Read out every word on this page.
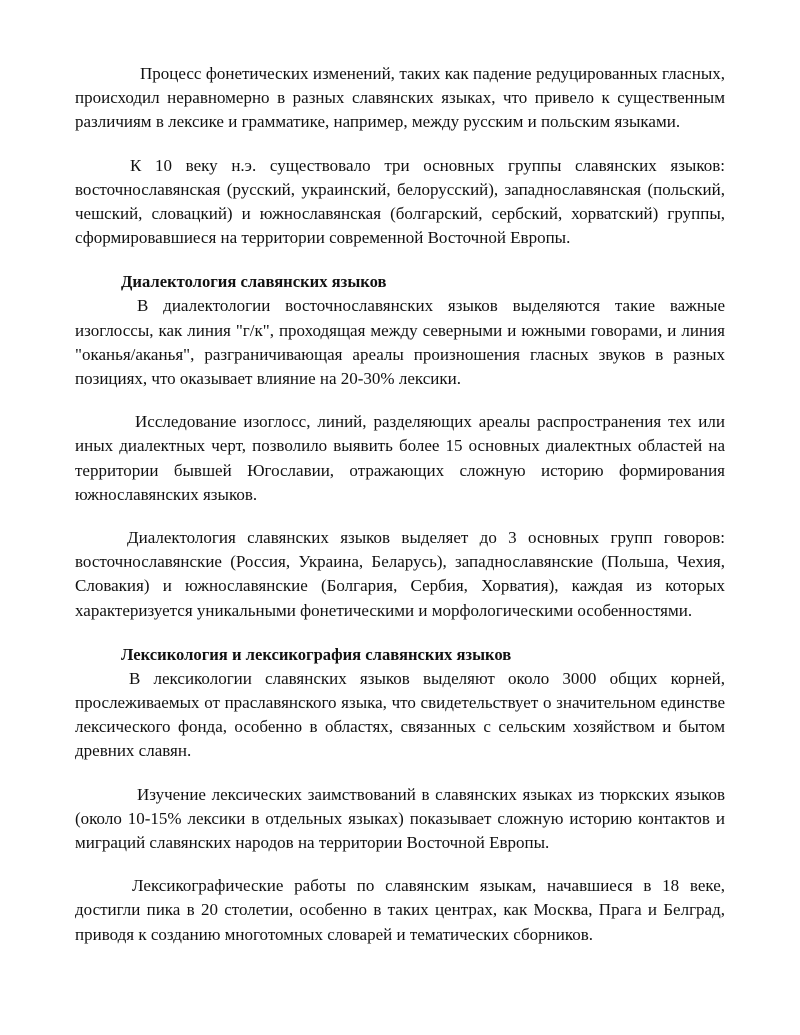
Процесс фонетических изменений, таких как падение редуцированных гласных, происходил неравномерно в разных славянских языках, что привело к существенным различиям в лексике и грамматике, например, между русским и польским языками.

К 10 веку н.э. существовало три основных группы славянских языков: восточнославянская (русский, украинский, белорусский), западнославянская (польский, чешский, словацкий) и южнославянская (болгарский, сербский, хорватский) группы, сформировавшиеся на территории современной Восточной Европы.

Диалектология славянских языков

В диалектологии восточнославянских языков выделяются такие важные изоглоссы, как линия "г/к", проходящая между северными и южными говорами, и линия "оканья/аканья", разграничивающая ареалы произношения гласных звуков в разных позициях, что оказывает влияние на 20-30% лексики.

Исследование изоглосс, линий, разделяющих ареалы распространения тех или иных диалектных черт, позволило выявить более 15 основных диалектных областей на территории бывшей Югославии, отражающих сложную историю формирования южнославянских языков.

Диалектология славянских языков выделяет до 3 основных групп говоров: восточнославянские (Россия, Украина, Беларусь), западнославянские (Польша, Чехия, Словакия) и южнославянские (Болгария, Сербия, Хорватия), каждая из которых характеризуется уникальными фонетическими и морфологическими особенностями.

Лексикология и лексикография славянских языков

В лексикологии славянских языков выделяют около 3000 общих корней, прослеживаемых от праславянского языка, что свидетельствует о значительном единстве лексического фонда, особенно в областях, связанных с сельским хозяйством и бытом древних славян.

Изучение лексических заимствований в славянских языках из тюркских языков (около 10-15% лексики в отдельных языках) показывает сложную историю контактов и миграций славянских народов на территории Восточной Европы.

Лексикографические работы по славянским языкам, начавшиеся в 18 веке, достигли пика в 20 столетии, особенно в таких центрах, как Москва, Прага и Белград, приводя к созданию многотомных словарей и тематических сборников.
